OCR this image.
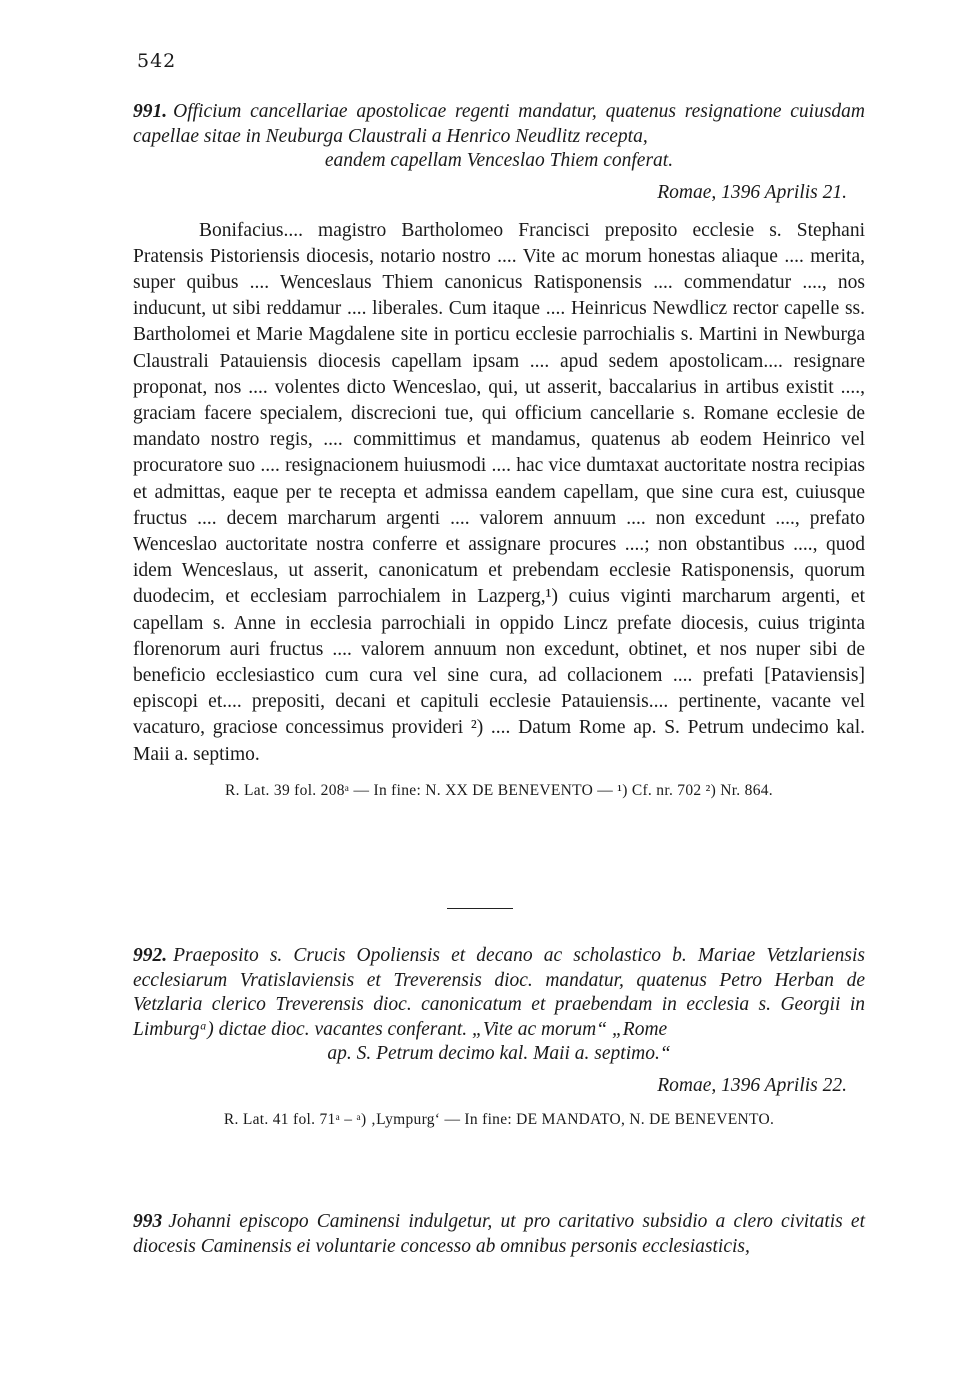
542
991. Officium cancellariae apostolicae regenti mandatur, quatenus resignatione cuiusdam capellae sitae in Neuburga Claustrali a Henrico Neudlitz recepta,
eandem capellam Venceslao Thiem conferat.
Romae, 1396 Aprilis 21.
Bonifacius.... magistro Bartholomeo Francisci preposito ecclesie s. Stephani Pratensis Pistoriensis diocesis, notario nostro .... Vite ac morum honestas aliaque .... merita, super quibus .... Wenceslaus Thiem canonicus Ratisponensis .... commendatur ...., nos inducunt, ut sibi reddamur .... liberales. Cum itaque .... Heinricus Newdlicz rector capelle ss. Bartholomei et Marie Magdalene site in porticu ecclesie parrochialis s. Martini in Newburga Claustrali Patauiensis diocesis capellam ipsam .... apud sedem apostolicam.... resignare proponat, nos .... volentes dicto Wenceslao, qui, ut asserit, baccalarius in artibus existit ...., graciam facere specialem, discrecioni tue, qui officium cancellarie s. Romane ecclesie de mandato nostro regis, .... committimus et mandamus, quatenus ab eodem Heinrico vel procuratore suo .... resignacionem huiusmodi .... hac vice dumtaxat auctoritate nostra recipias et admittas, eaque per te recepta et admissa eandem capellam, que sine cura est, cuiusque fructus .... decem marcharum argenti .... valorem annuum .... non excedunt ...., prefato Wenceslao auctoritate nostra conferre et assignare procures ....; non obstantibus ...., quod idem Wenceslaus, ut asserit, canonicatum et prebendam ecclesie Ratisponensis, quorum duodecim, et ecclesiam parrochialem in Lazperg,¹) cuius viginti marcharum argenti, et capellam s. Anne in ecclesia parrochiali in oppido Lincz prefate diocesis, cuius triginta florenorum auri fructus .... valorem annuum non excedunt, obtinet, et nos nuper sibi de beneficio ecclesiastico cum cura vel sine cura, ad collacionem .... prefati [Pataviensis] episcopi et.... prepositi, decani et capituli ecclesie Patauiensis.... pertinente, vacante vel vacaturo, graciose concessimus provideri ²) .... Datum Rome ap. S. Petrum undecimo kal. Maii a. septimo.
R. Lat. 39 fol. 208ᵃ — In fine: N. XX DE BENEVENTO — ¹) Cf. nr. 702 ²) Nr. 864.
992. Praeposito s. Crucis Opoliensis et decano ac scholastico b. Mariae Vetzlariensis ecclesiarum Vratislaviensis et Treverensis dioc. mandatur, quatenus Petro Herban de Vetzlaria clerico Treverensis dioc. canonicatum et praebendam in ecclesia s. Georgii in Limburgᵃ) dictae dioc. vacantes conferant. „Vite ac morum“ „Rome
ap. S. Petrum decimo kal. Maii a. septimo.“
Romae, 1396 Aprilis 22.
R. Lat. 41 fol. 71ᵃ – ᵃ) ‚Lympurg‘ — In fine: DE MANDATO, N. DE BENEVENTO.
993 Johanni episcopo Caminensi indulgetur, ut pro caritativo subsidio a clero civitatis et diocesis Caminensis ei voluntarie concesso ab omnibus personis ecclesiasticis,
